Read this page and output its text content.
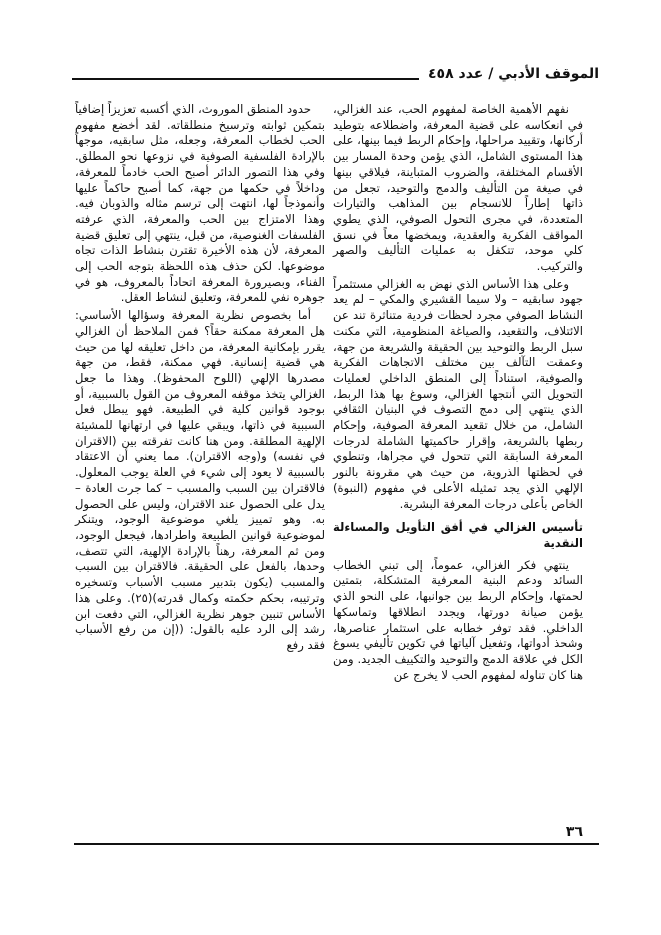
الموقف الأدبي / عدد ٤٥٨

نفهم الأهمية الخاصة لمفهوم الحب، عند الغزالي، في انعكاسه على قضية المعرفة، واضطلاعه بتوطيد أركانها، وتقييد مراحلها، وإحكام الربط فيما بينها، على هذا المستوى الشامل، الذي يؤمن وحدة المسار بين الأقسام المختلفة، والضروب المتباينة، فيلاقي بينها في صيغة من التأليف والدمج والتوحيد، تجعل من ذاتها إطاراً للانسجام بين المذاهب والتيارات المتعددة، في مجرى التحول الصوفي، الذي يطوي المواقف الفكرية والعقدية، ويمخضها معاً في نسق كلي موحد، تتكفل به عمليات التأليف والصهر والتركيب.

وعلى هذا الأساس الذي نهض به الغزالي مستثمراً جهود سابقيه – ولا سيما القشيري والمكي – لم يعد النشاط الصوفي مجرد لحظات فردية متناثرة تند عن الائتلاف، والتقعيد، والصياغة المنظومية، التي مكنت سبل الربط والتوحيد بين الحقيقة والشريعة من جهة، وعمقت التآلف بين مختلف الاتجاهات الفكرية والصوفية، استناداً إلى المنطق الداخلي لعمليات التحويل التي أنتجها الغزالي، وسوغ بها هذا الربط، الذي ينتهي إلى دمج التصوف في البنيان الثقافي الشامل، من خلال تقعيد المعرفة الصوفية، وإحكام ربطها بالشريعة، وإقرار حاكميتها الشاملة لدرجات المعرفة السابقة التي تتحول في مجراها، وتنطوي في لحظتها الذروية، من حيث هي مقرونة بالنور الإلهي الذي يجد تمثيله الأعلى في مفهوم (النبوة) الخاص بأعلى درجات المعرفة البشرية.

تأسيس الغزالي في أفق التأويل والمساءلة النقدية

ينتهي فكر الغزالي، عموماً، إلى تبني الخطاب السائد ودعم البنية المعرفية المتشكلة، بتمتين لحمتها، وإحكام الربط بين جوانبها، على النحو الذي يؤمن صيانة دورتها، ويجدد انطلاقها وتماسكها الداخلي. فقد توفر خطابه على استثمار عناصرها، وشحذ أدواتها، وتفعيل آلياتها في تكوين تأليفي يسوغ الكل في علاقة الدمج والتوحيد والتكييف الجديد. ومن هنا كان تناوله لمفهوم الحب لا يخرج عن

حدود المنطق الموروث، الذي أكسبه تعزيزاً إضافياً بتمكين ثوابته وترسيخ منطلقاته. لقد أخضع مفهوم الحب لخطاب المعرفة، وجعله، مثل سابقيه، موجهاً بالإرادة الفلسفية الصوفية في نزوعها نحو المطلق. وفي هذا التصور الدائر أصبح الحب خادماً للمعرفة، وداخلاً في حكمها من جهة، كما أصبح حاكماً عليها وأنموذجاً لها، انتهت إلى ترسم مثاله والذوبان فيه. وهذا الامتزاج بين الحب والمعرفة، الذي عرفته الفلسفات الغنوصية، من قبل، ينتهي إلى تعليق قضية المعرفة، لأن هذه الأخيرة تقترن بنشاط الذات تجاه موضوعها. لكن حذف هذه اللحظة بتوجه الحب إلى الفناء، وبصيرورة المعرفة اتحاداً بالمعروف، هو في جوهره نفي للمعرفة، وتعليق لنشاط العقل.

أما بخصوص نظرية المعرفة وسؤالها الأساسي: هل المعرفة ممكنة حقاً؟ فمن الملاحظ أن الغزالي يقرر بإمكانية المعرفة، من داخل تعليقه لها من حيث هي قضية إنسانية. فهي ممكنة، فقط، من جهة مصدرها الإلهي (اللوح المحفوظ). وهذا ما جعل الغزالي يتخذ موقفه المعروف من القول بالسببية، أو بوجود قوانين كلية في الطبيعة. فهو يبطل فعل السببية في ذاتها، ويبقي عليها في ارتهانها للمشيئة الإلهية المطلقة. ومن هنا كانت تفرقته بين (الاقتران في نفسه) و(وجه الاقتران). مما يعني أن الاعتقاد بالسببية لا يعود إلى شيء في العلة يوجب المعلول. فالاقتران بين السبب والمسبب – كما جرت العادة – يدل على الحصول عند الاقتران، وليس على الحصول به. وهو تمييز يلغي موضوعية الوجود، ويتنكر لموضوعية قوانين الطبيعة واطرادها، فيجعل الوجود، ومن ثم المعرفة، رهناً بالإرادة الإلهية، التي تتصف، وحدها، بالفعل على الحقيقة. فالاقتران بين السبب والمسبب (يكون بتدبير مسبب الأسباب وتسخيره وترتيبه، بحكم حكمته وكمال قدرته)(٢٥). وعلى هذا الأساس تنبين جوهر نظرية الغزالي، التي دفعت ابن رشد إلى الرد عليه بالقول: ((إن من رفع الأسباب فقد رفع

٣٦
